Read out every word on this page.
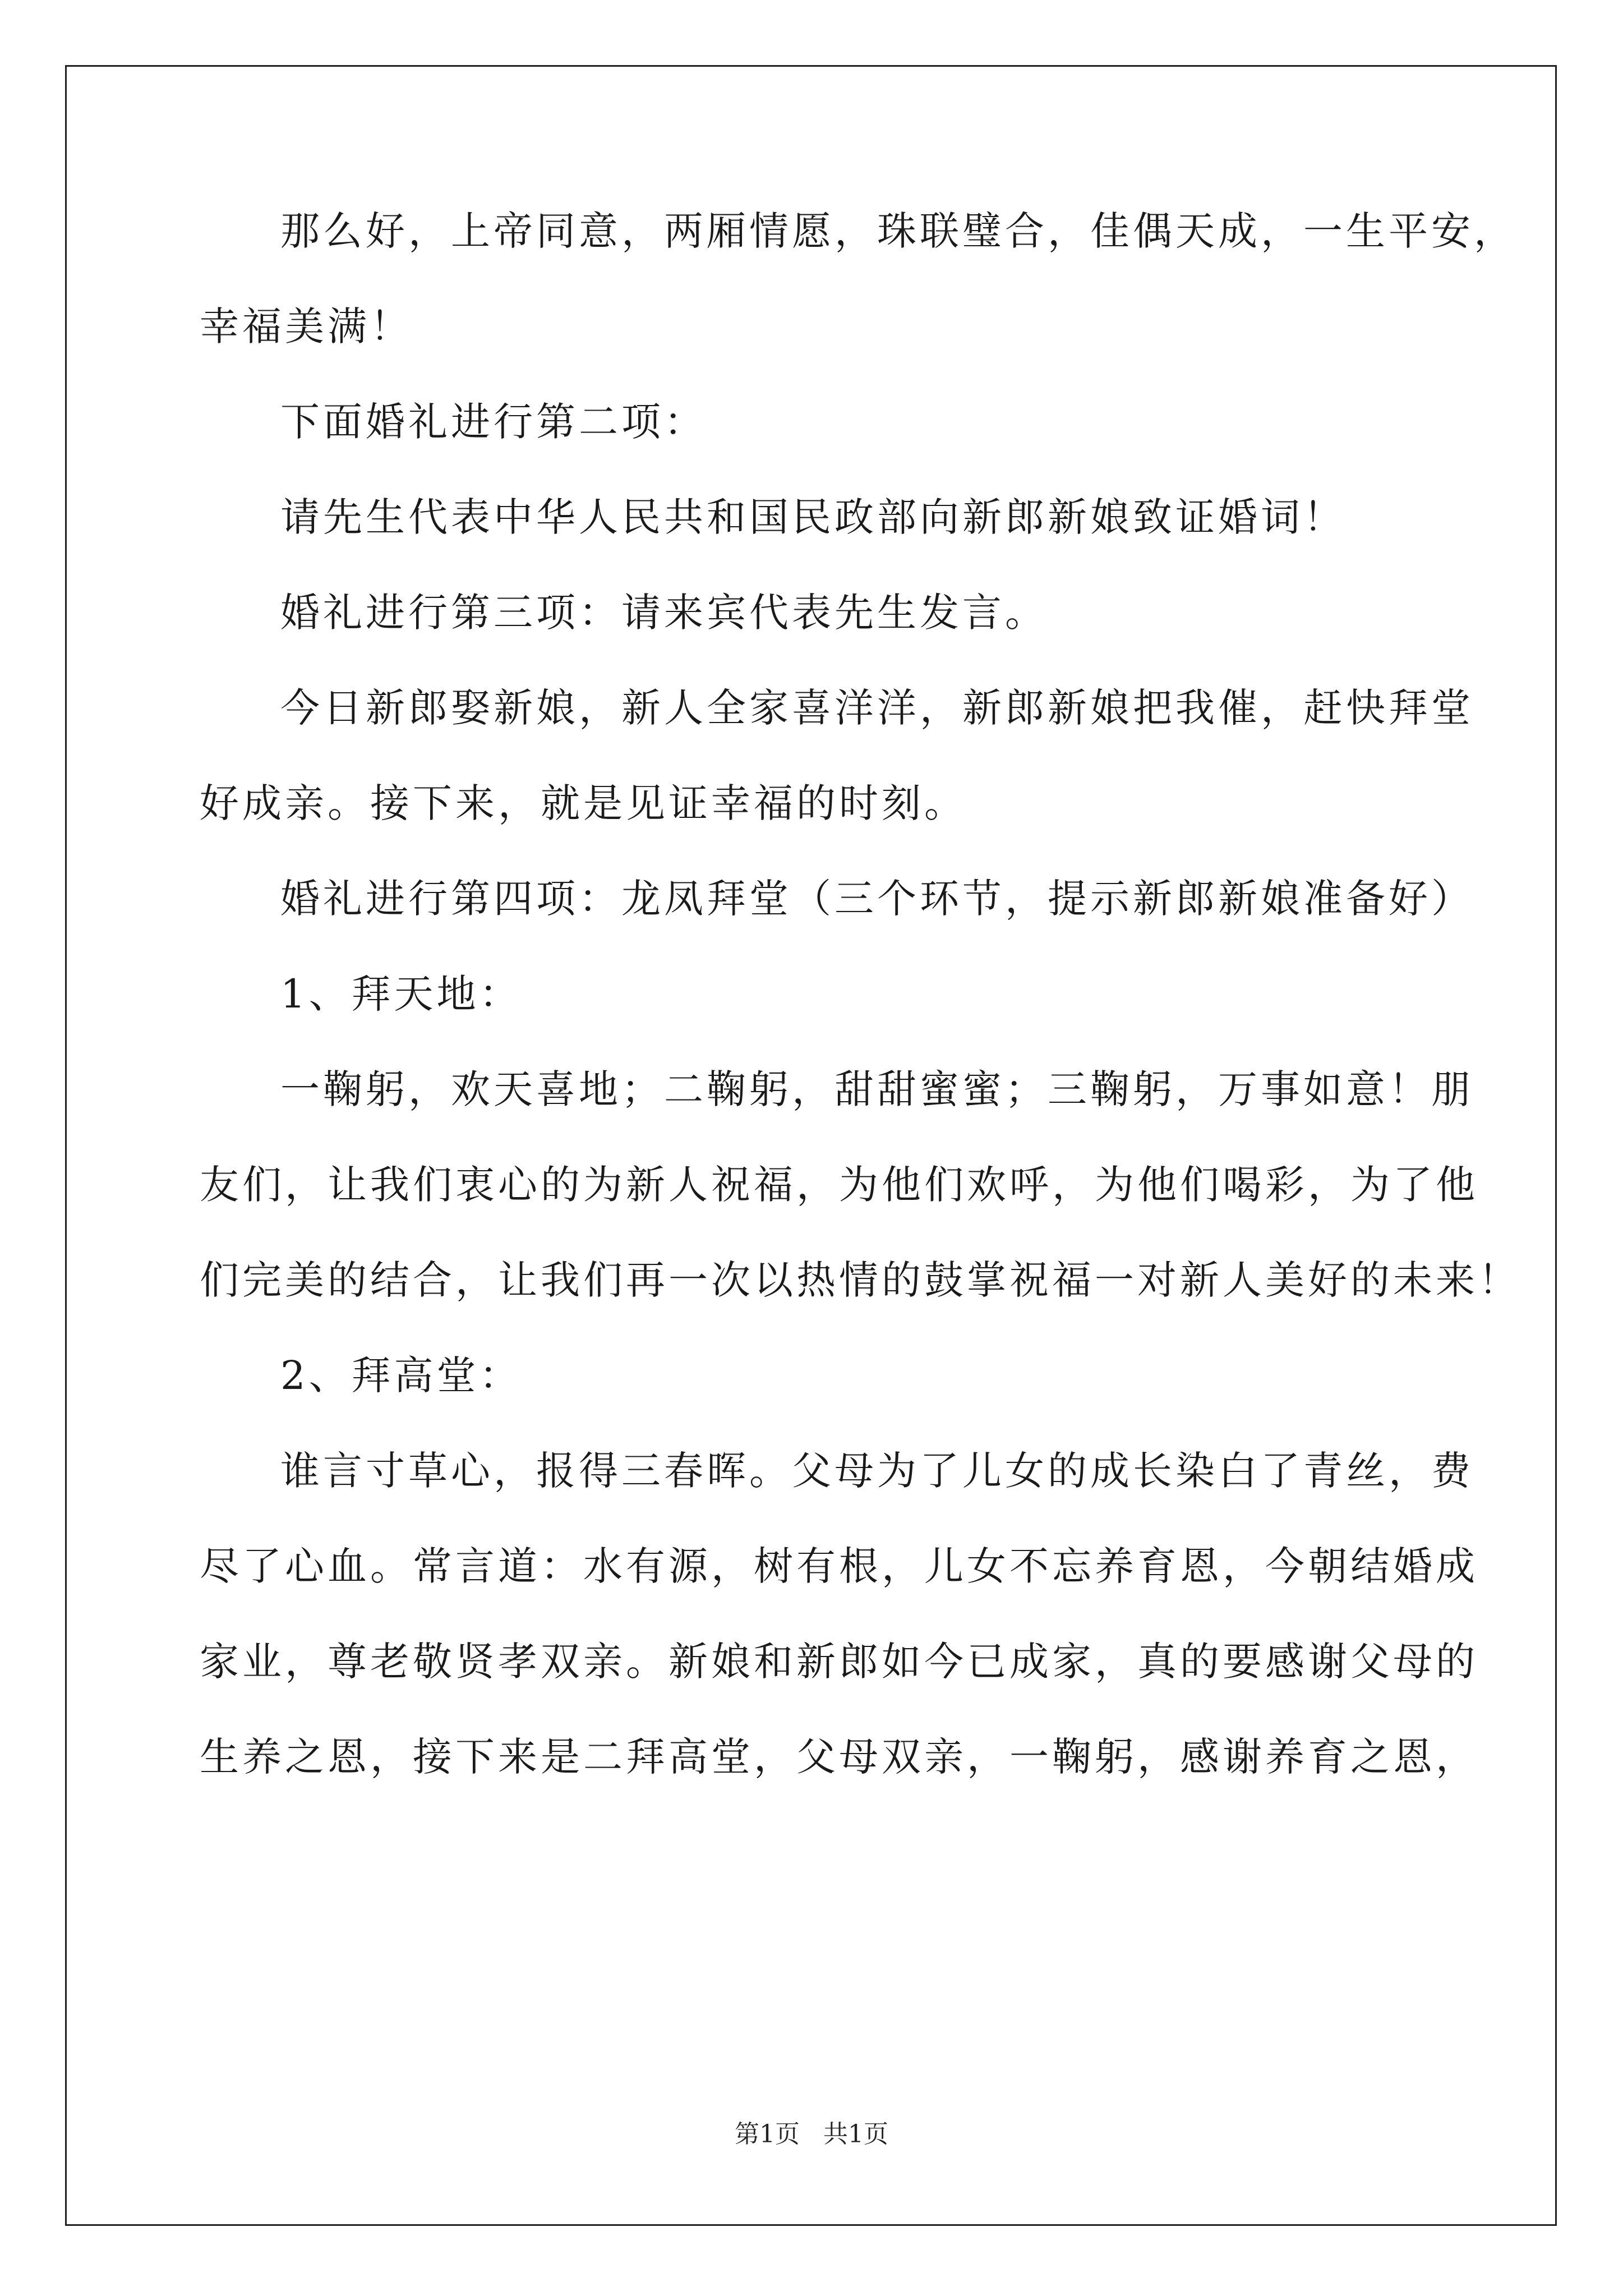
那么好，上帝同意，两厢情愿，珠联璧合，佳偶天成，一生平安，
幸福美满！
下面婚礼进行第二项：
请先生代表中华人民共和国民政部向新郎新娘致证婚词！
婚礼进行第三项：请来宾代表先生发言。
今日新郎娶新娘，新人全家喜洋洋，新郎新娘把我催，赶快拜堂
好成亲。接下来，就是见证幸福的时刻。
婚礼进行第四项：龙凤拜堂（三个环节，提示新郎新娘准备好）
1、拜天地：
一鞠躬，欢天喜地；二鞠躬，甜甜蜜蜜；三鞠躬，万事如意！朋
友们，让我们衷心的为新人祝福，为他们欢呼，为他们喝彩，为了他
们完美的结合，让我们再一次以热情的鼓掌祝福一对新人美好的未来！
2、拜高堂：
谁言寸草心，报得三春晖。父母为了儿女的成长染白了青丝，费
尽了心血。常言道：水有源，树有根，儿女不忘养育恩，今朝结婚成
家业，尊老敬贤孝双亲。新娘和新郎如今已成家，真的要感谢父母的
生养之恩，接下来是二拜高堂，父母双亲，一鞠躬，感谢养育之恩，
第1页 共1页
